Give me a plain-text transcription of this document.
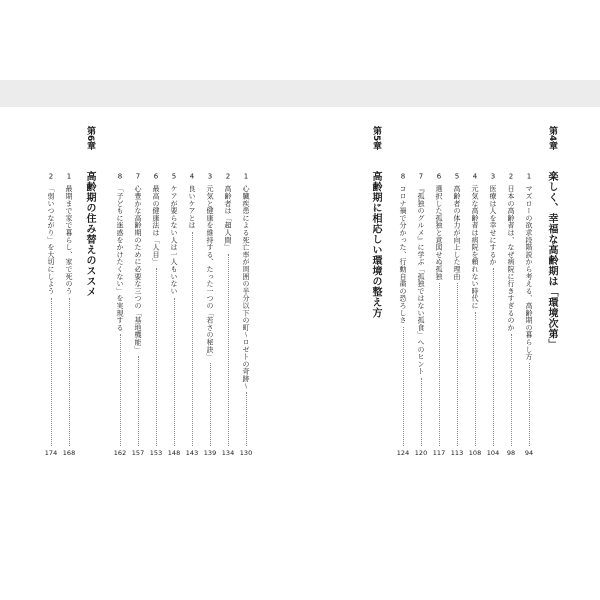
第4章
楽しく、幸福な高齢期は「環境次第」
第5章
高齢期に相応しい環境の整え方
第6章
高齢期の住み替えのススメ	1
マズローの欲求段階説から考える、高齢期の暮らし方
94
2
日本の高齢者は、なぜ病院に行きすぎるのか
98
3
医療は人を幸せにするか
104
4
元気な高齢者は病院を頼れない時代に
108
5
高齢者の体力が向上した理由
113
6
選択した孤独と意図せぬ孤独
117
7
『孤独のグルメ』に学ぶ「孤独ではない孤食」へのヒント
120
8
コロナ禍で分かった、行動自粛の恐ろしさ
124
1
心臓疾患による死亡率が周囲の半分以下の町〜ロゼトの奇跡〜
130
2
高齢者は「超人間」
134
3
元気と健康を維持する、たった一つの「若さの秘訣」
139
4
良いケアとは
143
5
ケアが要らない人は一人もいない
148
6
最高の健康法は「人目」
153
7
心豊かな高齢期のために必要な三つの「基地機能」
157
8
「子どもに迷惑をかけたくない」を実現する
162
1
最期まで家で暮らし、家で死のう
168
2
「弱いつながり」を大切にしよう
174
